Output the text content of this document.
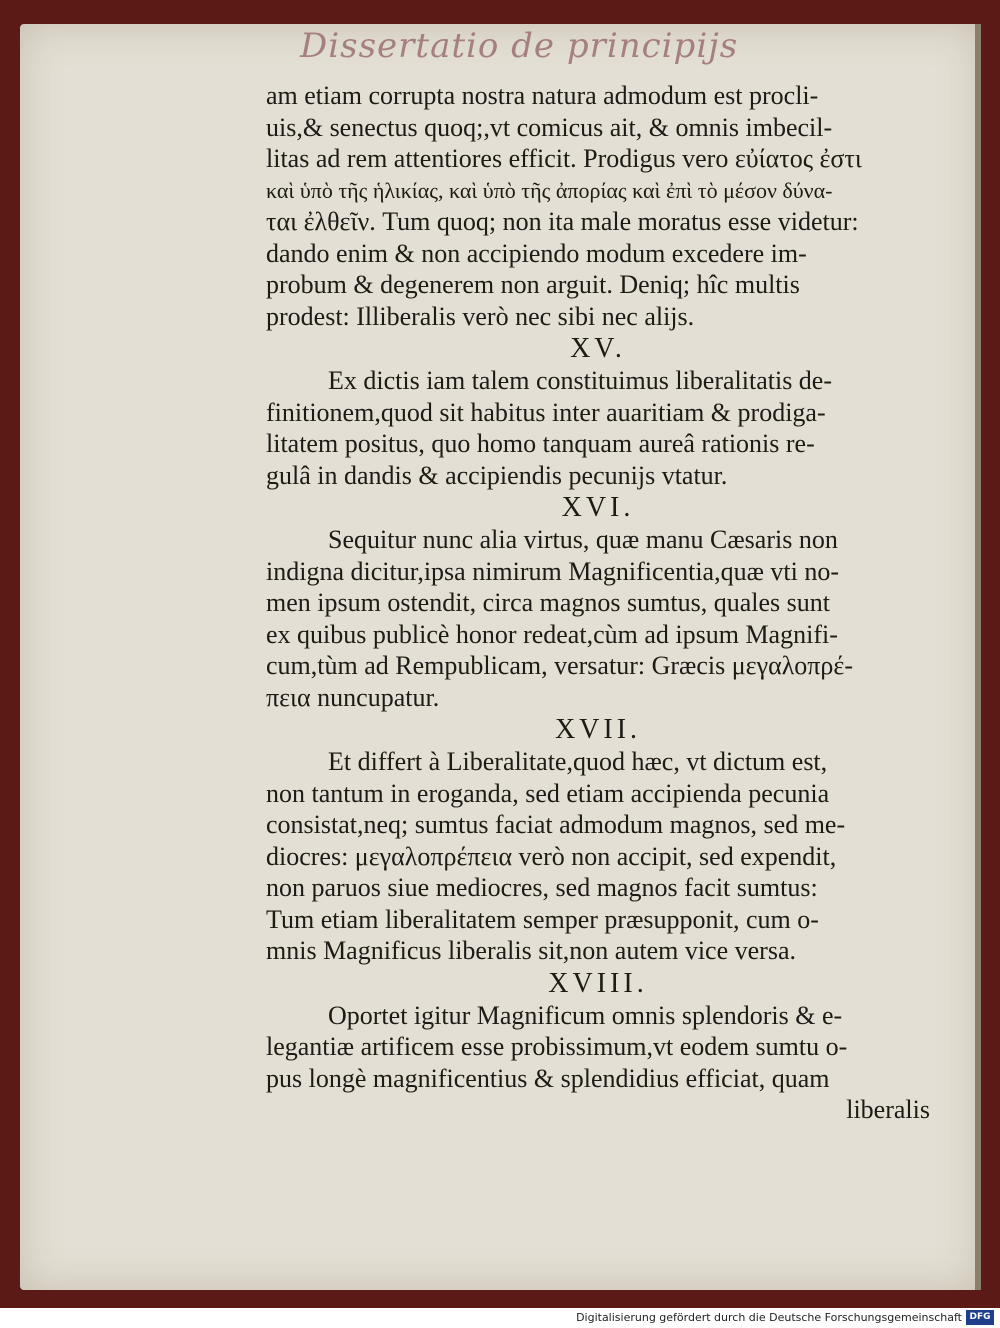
Dissertatio de principijs
am etiam corrupta nostra natura admodum est procli-
uis,& senectus quoq;,vt comicus ait, & omnis imbecil-
litas ad rem attentiores efficit. Prodigus vero εὐίατος ἐστι
καὶ ὑπὸ τῆς ἡλικίας, καὶ ὑπὸ τῆς ἀπορίας καὶ ἐπὶ τὸ μέσον δύνα-
ται ἐλθεῖν. Tum quoq; non ita male moratus esse videtur:
dando enim & non accipiendo modum excedere im-
probum & degenerem non arguit. Deniq; hîc multis
prodest: Illiberalis verò nec sibi nec alijs.
XV.
Ex dictis iam talem constituimus liberalitatis de-
finitionem,quod sit habitus inter auaritiam & prodiga-
litatem positus, quo homo tanquam aureâ rationis re-
gulâ in dandis & accipiendis pecunijs vtatur.
XVI.
Sequitur nunc alia virtus, quæ manu Cæsaris non
indigna dicitur,ipsa nimirum Magnificentia,quæ vti no-
men ipsum ostendit, circa magnos sumtus, quales sunt
ex quibus publicè honor redeat,cùm ad ipsum Magnifi-
cum,tùm ad Rempublicam, versatur: Græcis μεγαλοπρέ-
πεια nuncupatur.
XVII.
Et differt à Liberalitate,quod hæc, vt dictum est,
non tantum in eroganda, sed etiam accipienda pecunia
consistat,neq; sumtus faciat admodum magnos, sed me-
diocres: μεγαλοπρέπεια verò non accipit, sed expendit,
non paruos siue mediocres, sed magnos facit sumtus:
Tum etiam liberalitatem semper præsupponit, cum o-
mnis Magnificus liberalis sit,non autem vice versa.
XVIII.
Oportet igitur Magnificum omnis splendoris & e-
legantiæ artificem esse probissimum,vt eodem sumtu o-
pus longè magnificentius & splendidius efficiat, quam
liberalis
Digitalisierung gefördert durch die Deutsche Forschungsgemeinschaft DFG
